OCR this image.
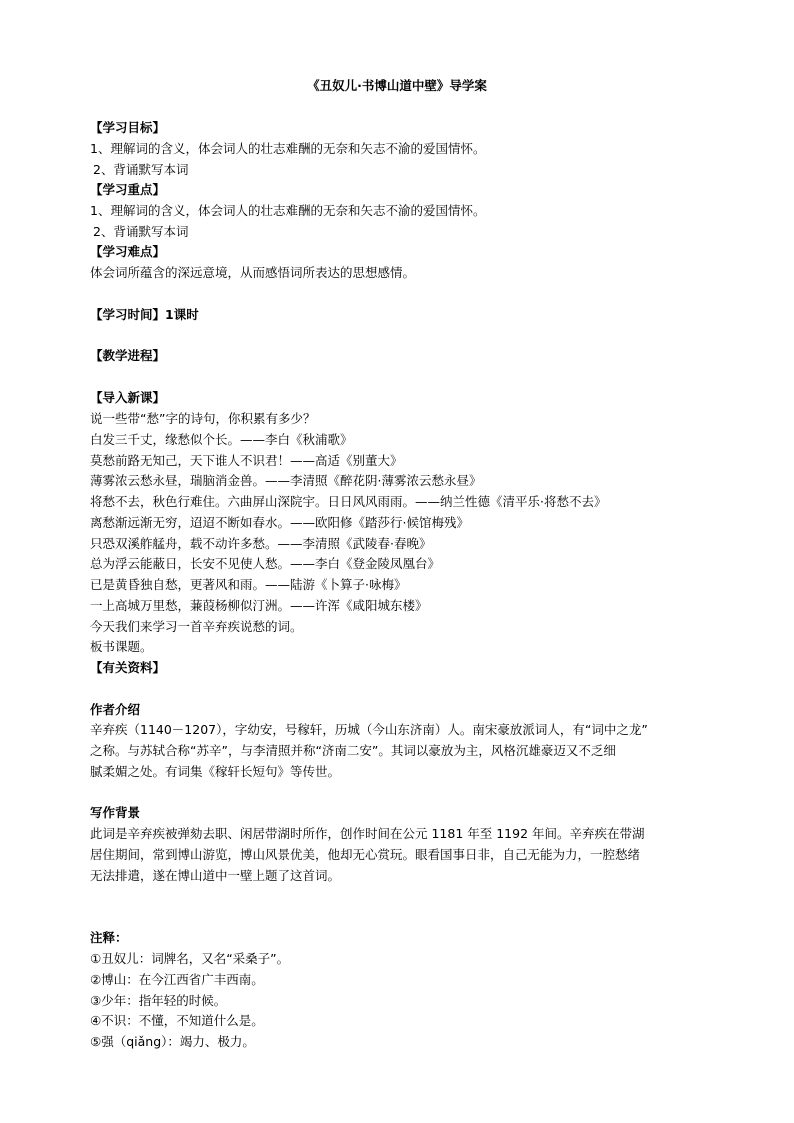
《丑奴儿·书博山道中壁》导学案
【学习目标】
1、理解词的含义，体会词人的壮志难酬的无奈和矢志不渝的爱国情怀。
2、背诵默写本词
【学习重点】
1、理解词的含义，体会词人的壮志难酬的无奈和矢志不渝的爱国情怀。
2、背诵默写本词
【学习难点】
体会词所蕴含的深远意境，从而感悟词所表达的思想感情。
【学习时间】1课时
【教学进程】
【导入新课】
说一些带“愁”字的诗句，你积累有多少？
白发三千丈，缘愁似个长。——李白《秋浦歌》
莫愁前路无知己，天下谁人不识君！——高适《别董大》
薄雾浓云愁永昼，瑞脑消金兽。——李清照《醉花阴·薄雾浓云愁永昼》
将愁不去，秋色行难住。六曲屏山深院宇。日日风风雨雨。——纳兰性德《清平乐·将愁不去》
离愁渐远渐无穷，迢迢不断如春水。——欧阳修《踏莎行·候馆梅残》
只恐双溪舴艋舟，载不动许多愁。——李清照《武陵春·春晚》
总为浮云能蔽日，长安不见使人愁。——李白《登金陵凤凰台》
已是黄昏独自愁，更著风和雨。——陆游《卜算子·咏梅》
一上高城万里愁，蒹葭杨柳似汀洲。——许浑《咸阳城东楼》
今天我们来学习一首辛弃疾说愁的词。
板书课题。
【有关资料】
作者介绍
辛弃疾（1140－1207），字幼安，号稼轩，历城（今山东济南）人。南宋豪放派词人，有“词中之龙”
之称。与苏轼合称“苏辛”，与李清照并称“济南二安”。其词以豪放为主，风格沉雄豪迈又不乏细
腻柔媚之处。有词集《稼轩长短句》等传世。
写作背景
此词是辛弃疾被弹劾去职、闲居带湖时所作，创作时间在公元 1181 年至 1192 年间。辛弃疾在带湖
居住期间，常到博山游览，博山风景优美，他却无心赏玩。眼看国事日非，自己无能为力，一腔愁绪
无法排遣，遂在博山道中一壁上题了这首词。
注释：
①丑奴儿：词牌名，又名“采桑子”。
②博山：在今江西省广丰西南。
③少年：指年轻的时候。
④不识：不懂，不知道什么是。
⑤强（qiǎng）：竭力、极力。
